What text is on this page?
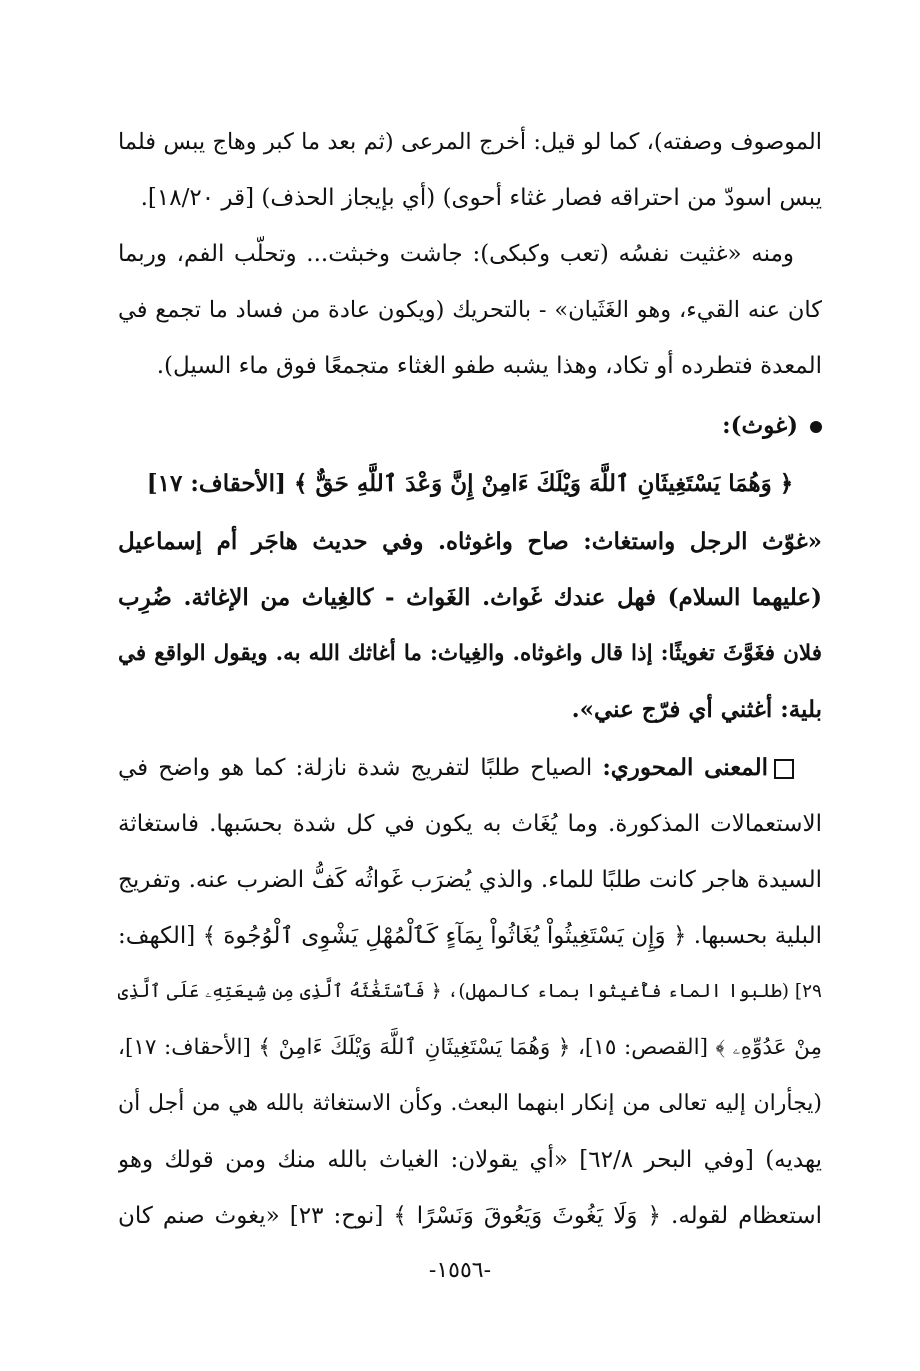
الموصوف وصفته)، كما لو قيل: أخرج المرعى (ثم بعد ما كبر وهاج يبس فلما
يبس اسودّ من احتراقه فصار غثاء أحوى) (أي بإيجاز الحذف) [قر ١٨/٢٠].
ومنه «غثيت نفسُه (تعب وكبكى): جاشت وخبثت... وتحلّب الفم، وربما
كان عنه القيء، وهو الغَثَيان» - بالتحريك (ويكون عادة من فساد ما تجمع في
المعدة فتطرده أو تكاد، وهذا يشبه طفو الغثاء متجمعًا فوق ماء السيل).
(غوث):
﴿ وَهُمَا يَسْتَغِيثَانِ ٱللَّهَ وَيْلَكَ ءَامِنْ إِنَّ وَعْدَ ٱللَّهِ حَقٌّ ﴾ [الأحقاف: ١٧]
«غوّث الرجل واستغاث: صاح واغوثاه. وفي حديث هاجَر أم إسماعيل
(عليهما السلام) فهل عندك غَواث. الغَواث - كالغِياث من الإغاثة. ضُرِب
فلان فغَوَّثَ تغويثًا: إذا قال واغوثاه. والغِياث: ما أغاثك الله به. ويقول الواقع في
بلية: أغثني أي فرّج عني».
المعنى المحوري: الصياح طلبًا لتفريج شدة نازلة: كما هو واضح في
الاستعمالات المذكورة. وما يُغَاث به يكون في كل شدة بحسَبها. فاستغاثة
السيدة هاجر كانت طلبًا للماء. والذي يُضرَب غَواثُه كَفُّ الضرب عنه. وتفريج
البلية بحسبها. ﴿ وَإِن يَسْتَغِيثُواْ يُغَاثُواْ بِمَآءٍ كَٱلْمُهْلِ يَشْوِى ٱلْوُجُوهَ ﴾ [الكهف:
٢٩] (طلبوا الماء فأُغيثوا بماء كالمهل)، ﴿ فَٱسْتَغَٰثَهُ ٱلَّذِى مِن شِيعَتِهِۦ عَلَى ٱلَّذِى
مِنْ عَدُوِّهِۦ ﴾ [القصص: ١٥]، ﴿ وَهُمَا يَسْتَغِيثَانِ ٱللَّهَ وَيْلَكَ ءَامِنْ ﴾ [الأحقاف: ١٧]،
(يجأران إليه تعالى من إنكار ابنهما البعث. وكأن الاستغاثة بالله هي من أجل أن
يهديه) [وفي البحر ٦٢/٨] «أي يقولان: الغياث بالله منك ومن قولك وهو
استعظام لقوله. ﴿ وَلَا يَغُوثَ وَيَعُوقَ وَنَسْرًا ﴾ [نوح: ٢٣] «يغوث صنم كان
-١٥٥٦-
